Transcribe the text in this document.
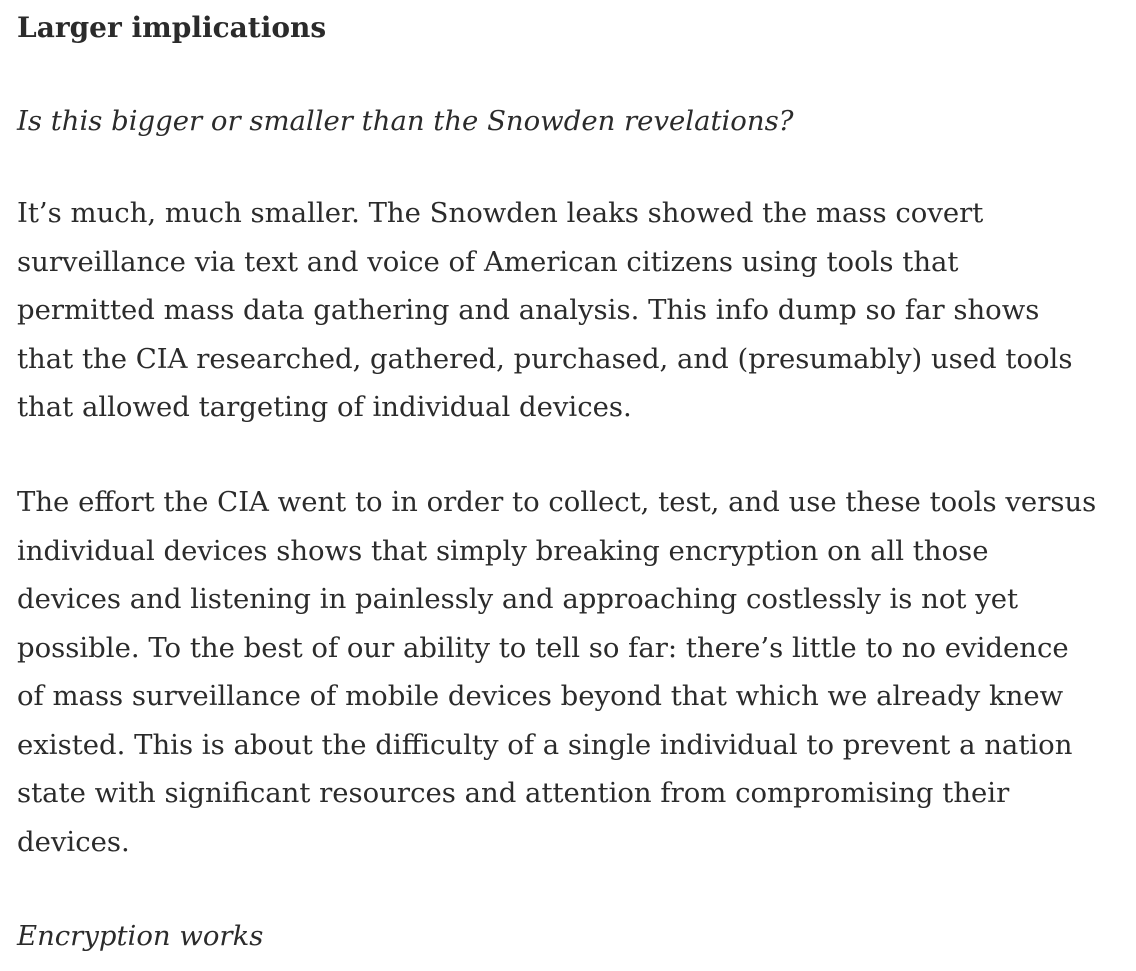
Larger implications

Is this bigger or smaller than the Snowden revelations?

It’s much, much smaller. The Snowden leaks showed the mass covert
surveillance via text and voice of American citizens using tools that
permitted mass data gathering and analysis. This info dump so far shows
that the CIA researched, gathered, purchased, and (presumably) used tools
that allowed targeting of individual devices.

The effort the CIA went to in order to collect, test, and use these tools versus
individual devices shows that simply breaking encryption on all those
devices and listening in painlessly and approaching costlessly is not yet
possible. To the best of our ability to tell so far: there’s little to no evidence
of mass surveillance of mobile devices beyond that which we already knew
existed. This is about the difficulty of a single individual to prevent a nation
state with significant resources and attention from compromising their
devices.

Encryption works
